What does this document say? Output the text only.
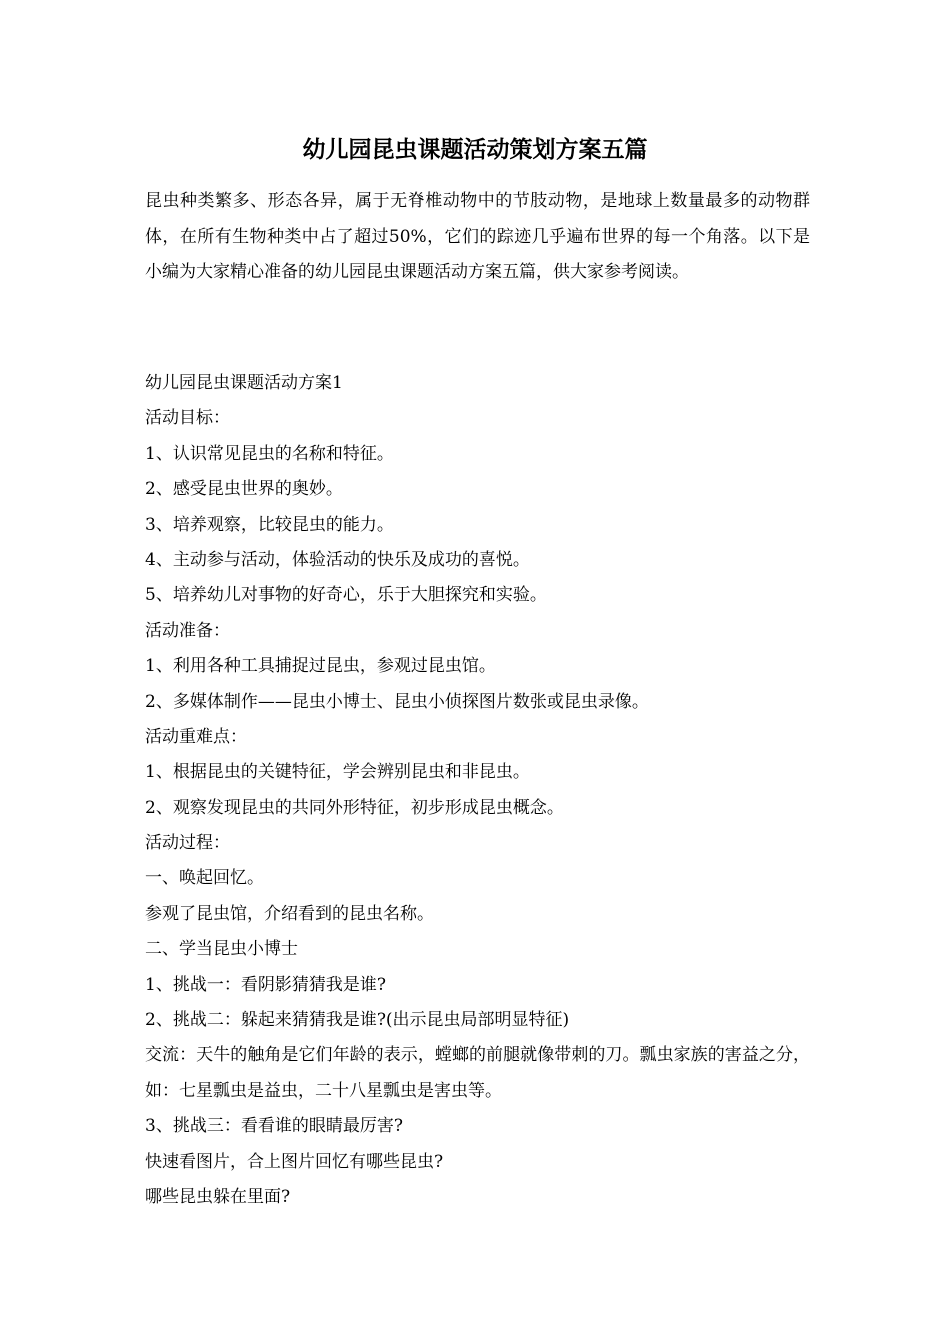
幼儿园昆虫课题活动策划方案五篇
昆虫种类繁多、形态各异，属于无脊椎动物中的节肢动物，是地球上数量最多的动物群体，在所有生物种类中占了超过50%，它们的踪迹几乎遍布世界的每一个角落。以下是小编为大家精心准备的幼儿园昆虫课题活动方案五篇，供大家参考阅读。
幼儿园昆虫课题活动方案1
活动目标：
1、认识常见昆虫的名称和特征。
2、感受昆虫世界的奥妙。
3、培养观察，比较昆虫的能力。
4、主动参与活动，体验活动的快乐及成功的喜悦。
5、培养幼儿对事物的好奇心，乐于大胆探究和实验。
活动准备：
1、利用各种工具捕捉过昆虫，参观过昆虫馆。
2、多媒体制作——昆虫小博士、昆虫小侦探图片数张或昆虫录像。
活动重难点：
1、根据昆虫的关键特征，学会辨别昆虫和非昆虫。
2、观察发现昆虫的共同外形特征，初步形成昆虫概念。
活动过程：
一、唤起回忆。
参观了昆虫馆，介绍看到的昆虫名称。
二、学当昆虫小博士
1、挑战一：看阴影猜猜我是谁?
2、挑战二：躲起来猜猜我是谁?(出示昆虫局部明显特征)
交流：天牛的触角是它们年龄的表示，螳螂的前腿就像带刺的刀。瓢虫家族的害益之分，如：七星瓢虫是益虫，二十八星瓢虫是害虫等。
3、挑战三：看看谁的眼睛最厉害?
快速看图片，合上图片回忆有哪些昆虫?
哪些昆虫躲在里面?
